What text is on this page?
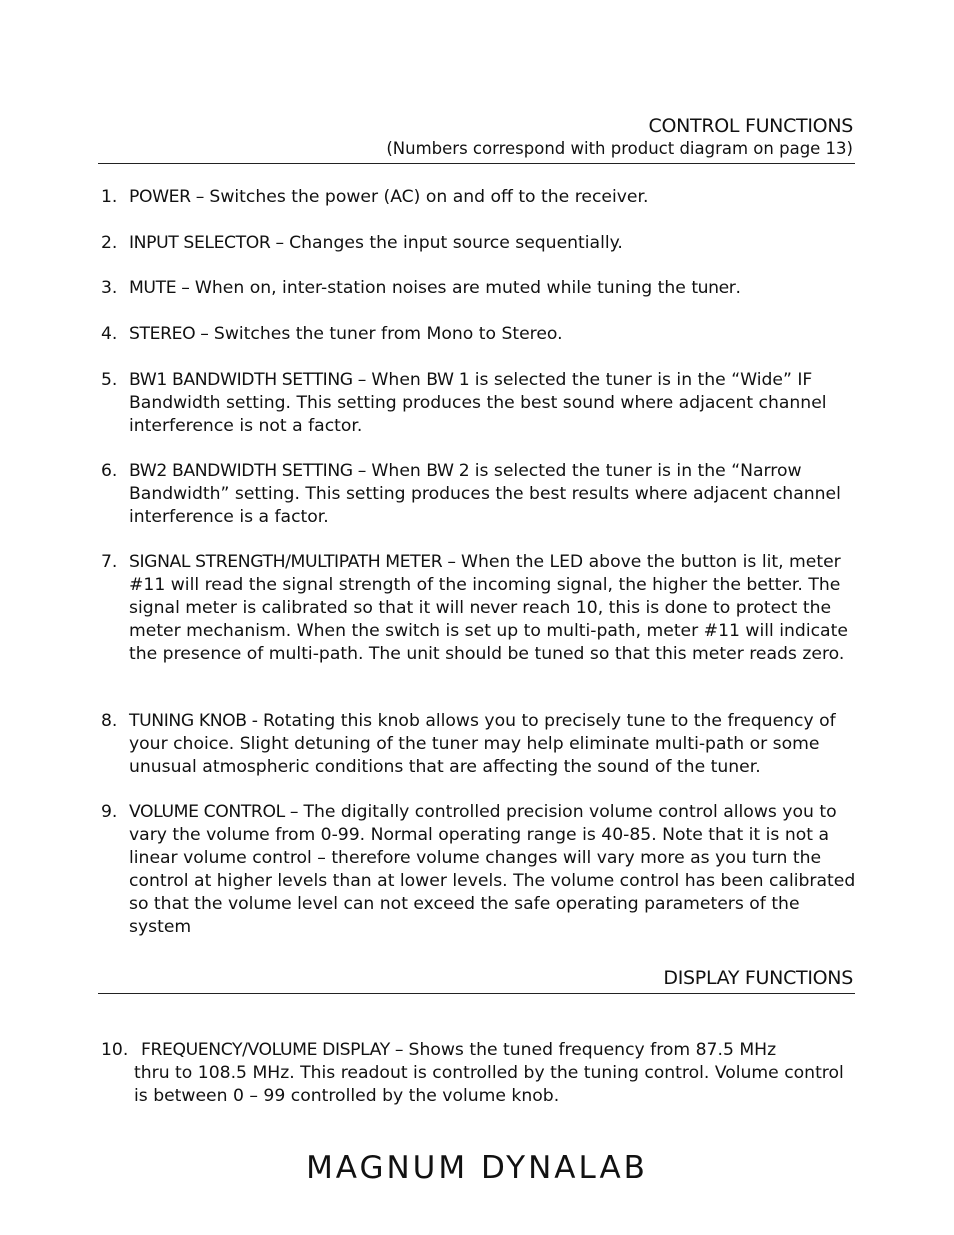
CONTROL FUNCTIONS
(Numbers correspond with product diagram on page 13)
1. POWER – Switches the power (AC) on and off to the receiver.
2. INPUT SELECTOR – Changes the input source sequentially.
3. MUTE – When on, inter-station noises are muted while tuning the tuner.
4. STEREO – Switches the tuner from Mono to Stereo.
5. BW1 BANDWIDTH SETTING – When BW 1 is selected the tuner is in the “Wide” IF Bandwidth setting. This setting produces the best sound where adjacent channel interference is not a factor.
6. BW2 BANDWIDTH SETTING – When BW 2 is selected the tuner is in the “Narrow Bandwidth” setting. This setting produces the best results where adjacent channel interference is a factor.
7. SIGNAL STRENGTH/MULTIPATH METER – When the LED above the button is lit, meter #11 will read the signal strength of the incoming signal, the higher the better. The signal meter is calibrated so that it will never reach 10, this is done to protect the meter mechanism. When the switch is set up to multi-path, meter #11 will indicate the presence of multi-path. The unit should be tuned so that this meter reads zero.
8. TUNING KNOB - Rotating this knob allows you to precisely tune to the frequency of your choice. Slight detuning of the tuner may help eliminate multi-path or some unusual atmospheric conditions that are affecting the sound of the tuner.
9. VOLUME CONTROL – The digitally controlled precision volume control allows you to vary the volume from 0-99. Normal operating range is 40-85. Note that it is not a linear volume control – therefore volume changes will vary more as you turn the control at higher levels than at lower levels. The volume control has been calibrated so that the volume level can not exceed the safe operating parameters of the system
DISPLAY FUNCTIONS
10. FREQUENCY/VOLUME DISPLAY – Shows the tuned frequency from 87.5 MHz
thru to 108.5 MHz. This readout is controlled by the tuning control. Volume control is between 0 – 99 controlled by the volume knob.
MAGNUM DYNALAB
